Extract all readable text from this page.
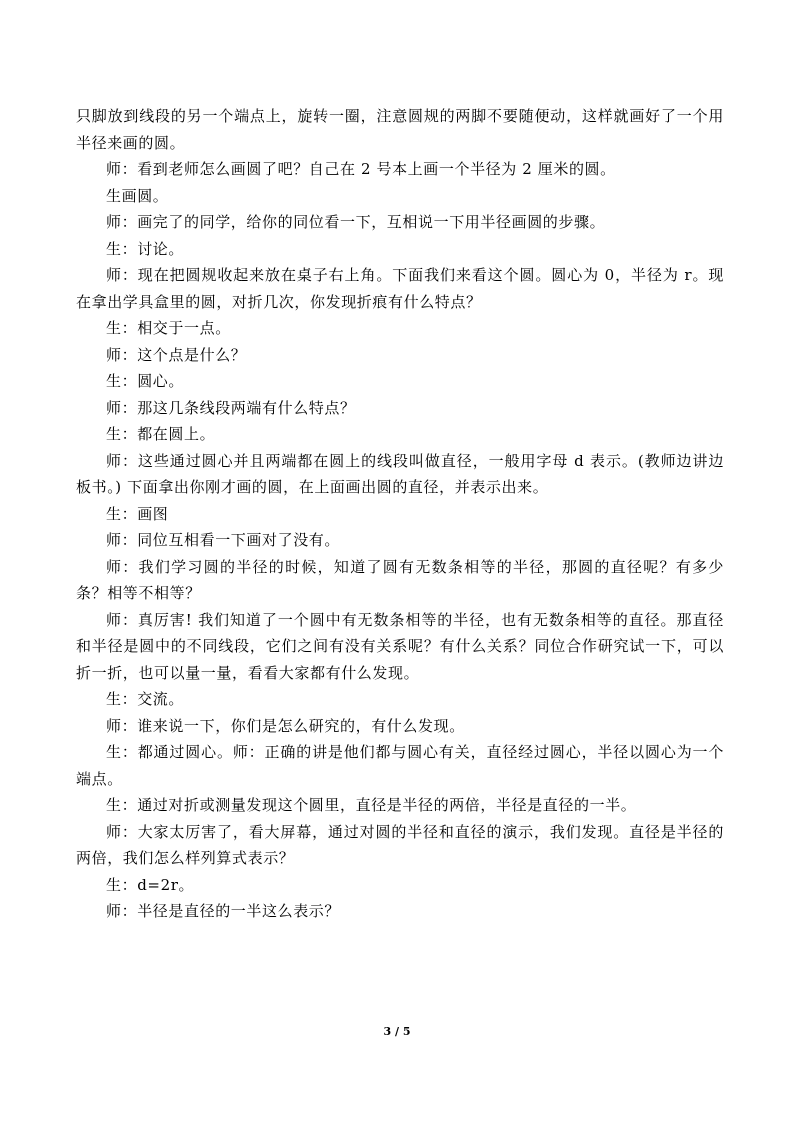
只脚放到线段的另一个端点上，旋转一圈，注意圆规的两脚不要随便动，这样就画好了一个用半径来画的圆。

师：看到老师怎么画圆了吧？自己在 2 号本上画一个半径为 2 厘米的圆。

生画圆。

师：画完了的同学，给你的同位看一下，互相说一下用半径画圆的步骤。

生：讨论。

师：现在把圆规收起来放在桌子右上角。下面我们来看这个圆。圆心为 0，半径为 r。现在拿出学具盒里的圆，对折几次，你发现折痕有什么特点？

生：相交于一点。

师：这个点是什么？

生：圆心。

师：那这几条线段两端有什么特点？

生：都在圆上。

师：这些通过圆心并且两端都在圆上的线段叫做直径，一般用字母 d 表示。(教师边讲边板书。) 下面拿出你刚才画的圆，在上面画出圆的直径，并表示出来。

生：画图

师：同位互相看一下画对了没有。

师：我们学习圆的半径的时候，知道了圆有无数条相等的半径，那圆的直径呢？有多少条？相等不相等？

师：真厉害! 我们知道了一个圆中有无数条相等的半径，也有无数条相等的直径。那直径和半径是圆中的不同线段，它们之间有没有关系呢？有什么关系？同位合作研究试一下，可以折一折，也可以量一量，看看大家都有什么发现。

生：交流。

师：谁来说一下，你们是怎么研究的，有什么发现。

生：都通过圆心。师：正确的讲是他们都与圆心有关，直径经过圆心，半径以圆心为一个端点。

生：通过对折或测量发现这个圆里，直径是半径的两倍，半径是直径的一半。

师：大家太厉害了，看大屏幕，通过对圆的半径和直径的演示，我们发现。直径是半径的两倍，我们怎么样列算式表示？

生：d=2r。

师：半径是直径的一半这么表示？

3 / 5
